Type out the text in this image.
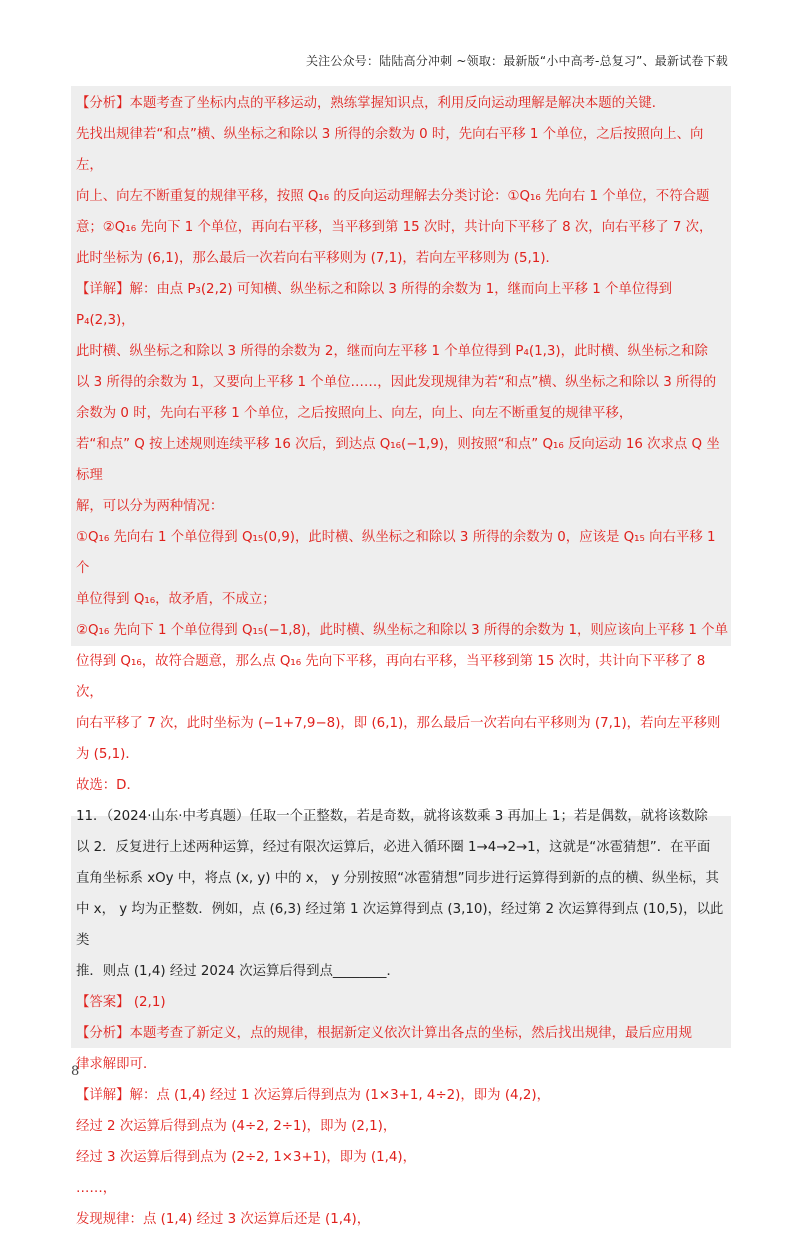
关注公众号：陆陆高分冲刺 ~领取：最新版“小中高考-总复习”、最新试卷下载

【分析】本题考查了坐标内点的平移运动，熟练掌握知识点，利用反向运动理解是解决本题的关键．

先找出规律若“和点”横、纵坐标之和除以 3 所得的余数为 0 时，先向右平移 1 个单位，之后按照向上、向左，

向上、向左不断重复的规律平移，按照 Q₁₆ 的反向运动理解去分类讨论：①Q₁₆ 先向右 1 个单位，不符合题

意；②Q₁₆ 先向下 1 个单位，再向右平移，当平移到第 15 次时，共计向下平移了 8 次，向右平移了 7 次，

此时坐标为 (6,1)，那么最后一次若向右平移则为 (7,1)，若向左平移则为 (5,1)．

【详解】解：由点 P₃(2,2) 可知横、纵坐标之和除以 3 所得的余数为 1，继而向上平移 1 个单位得到 P₄(2,3)，

此时横、纵坐标之和除以 3 所得的余数为 2，继而向左平移 1 个单位得到 P₄(1,3)，此时横、纵坐标之和除

以 3 所得的余数为 1，又要向上平移 1 个单位……，因此发现规律为若“和点”横、纵坐标之和除以 3 所得的

余数为 0 时，先向右平移 1 个单位，之后按照向上、向左，向上、向左不断重复的规律平移，

若“和点” Q 按上述规则连续平移 16 次后，到达点 Q₁₆(−1,9)，则按照“和点” Q₁₆ 反向运动 16 次求点 Q 坐标理

解，可以分为两种情况：

①Q₁₆ 先向右 1 个单位得到 Q₁₅(0,9)，此时横、纵坐标之和除以 3 所得的余数为 0，应该是 Q₁₅ 向右平移 1 个

单位得到 Q₁₆，故矛盾，不成立；

②Q₁₆ 先向下 1 个单位得到 Q₁₅(−1,8)，此时横、纵坐标之和除以 3 所得的余数为 1，则应该向上平移 1 个单

位得到 Q₁₆，故符合题意，那么点 Q₁₆ 先向下平移，再向右平移，当平移到第 15 次时，共计向下平移了 8 次，

向右平移了 7 次，此时坐标为 (−1+7,9−8)，即 (6,1)，那么最后一次若向右平移则为 (7,1)，若向左平移则

为 (5,1)．

故选：D．

11．（2024·山东·中考真题）任取一个正整数，若是奇数，就将该数乘 3 再加上 1；若是偶数，就将该数除

以 2．反复进行上述两种运算，经过有限次运算后，必进入循环圈 1→4→2→1，这就是“冰雹猜想”．在平面

直角坐标系 xOy 中，将点 (x, y) 中的 x， y 分别按照“冰雹猜想”同步进行运算得到新的点的横、纵坐标，其

中 x， y 均为正整数．例如，点 (6,3) 经过第 1 次运算得到点 (3,10)，经过第 2 次运算得到点 (10,5)，以此类

推．则点 (1,4) 经过 2024 次运算后得到点________．

【答案】 (2,1)

【分析】本题考查了新定义，点的规律，根据新定义依次计算出各点的坐标，然后找出规律，最后应用规

律求解即可．

【详解】解：点 (1,4) 经过 1 次运算后得到点为 (1×3+1, 4÷2)，即为 (4,2)，

经过 2 次运算后得到点为 (4÷2, 2÷1)，即为 (2,1)，

经过 3 次运算后得到点为 (2÷2, 1×3+1)，即为 (1,4)，

……，

发现规律：点 (1,4) 经过 3 次运算后还是 (1,4)，

8
